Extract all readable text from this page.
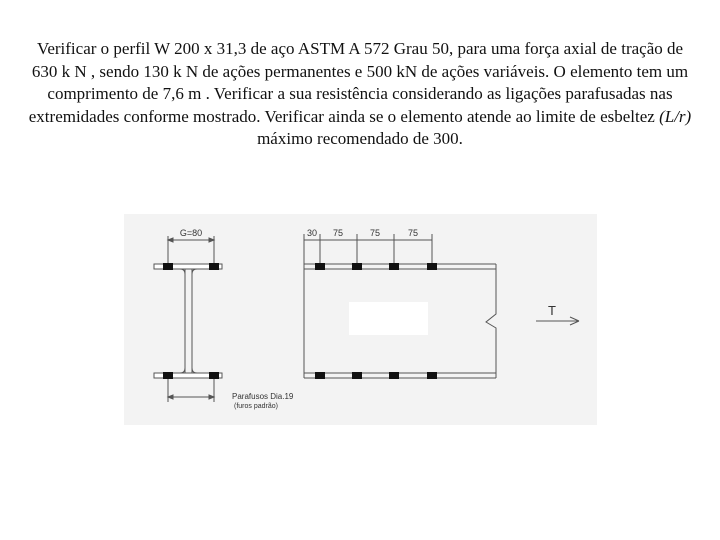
Verificar o perfil W 200 x 31,3 de aço ASTM A 572 Grau 50, para uma força axial de tração de 630 k N , sendo 130 k N de ações permanentes e 500 kN de ações variáveis. O elemento tem um comprimento de 7,6 m . Verificar a sua resistência considerando as ligações parafusadas nas extremidades conforme mostrado. Verificar ainda se o elemento atende ao limite de esbeltez (L/r) máximo recomendado de 300.

G=80
Parafusos Dia.19
(furos padrão)
30 75	75	75
T
